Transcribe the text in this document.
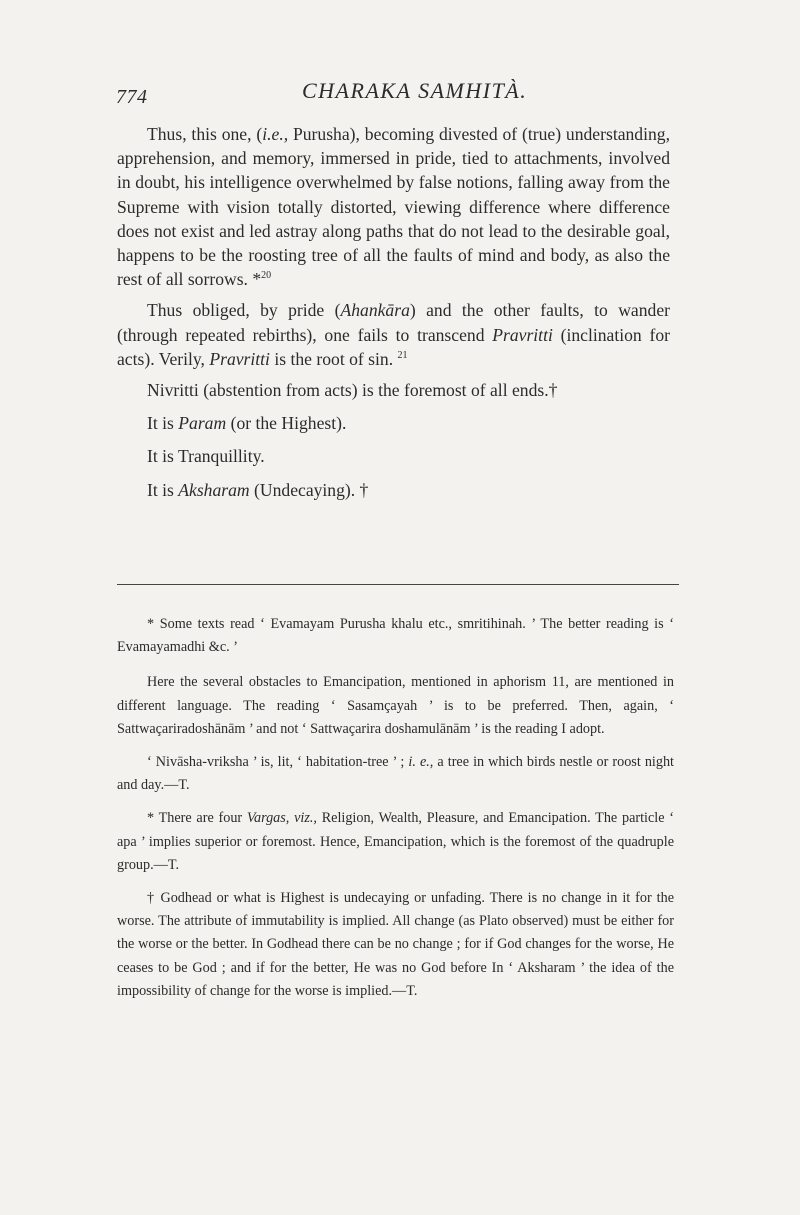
774	CHARAKA SAMHITÀ.

Thus, this one, (i.e., Purusha), becoming divested of (true) understanding, apprehension, and memory, immersed in pride, tied to attachments, involved in doubt, his intelligence overwhelmed by false notions, falling away from the Supreme with vision totally distorted, viewing difference where difference does not exist and led astray along paths that do not lead to the desirable goal, happens to be the roosting tree of all the faults of mind and body, as also the rest of all sorrows. *$^{20}$

Thus obliged, by pride (Ahankāra) and the other faults, to wander (through repeated rebirths), one fails to transcend Pravritti (inclination for acts). Verily, Pravritti is the root of sin. $^{21}$

Nivritti (abstention from acts) is the foremost of all ends.†

It is Param (or the Highest).

It is Tranquillity.

It is Aksharam (Undecaying). †

* Some texts read ‘ Evamayam Purusha khalu etc., smritihinah. ’ The better reading is ‘ Evamayamadhi &c. ’

Here the several obstacles to Emancipation, mentioned in aphorism 11, are mentioned in different language. The reading ‘ Sasamçayah ’ is to be preferred. Then, again, ‘ Sattwaçariradoshānām ’ and not ‘ Sattwaçarira doshamulānām ’ is the reading I adopt.

‘ Nivāsha-vriksha ’ is, lit, ‘ habitation-tree ’ ; i. e., a tree in which birds nestle or roost night and day.—T.

* There are four Vargas, viz., Religion, Wealth, Pleasure, and Emancipation. The particle ‘ apa ’ implies superior or foremost. Hence, Emancipation, which is the foremost of the quadruple group.—T.

† Godhead or what is Highest is undecaying or unfading. There is no change in it for the worse. The attribute of immutability is implied. All change (as Plato observed) must be either for the worse or the better. In Godhead there can be no change ; for if God changes for the worse, He ceases to be God ; and if for the better, He was no God before In ‘ Aksharam ’ the idea of the impossibility of change for the worse is implied.—T.
